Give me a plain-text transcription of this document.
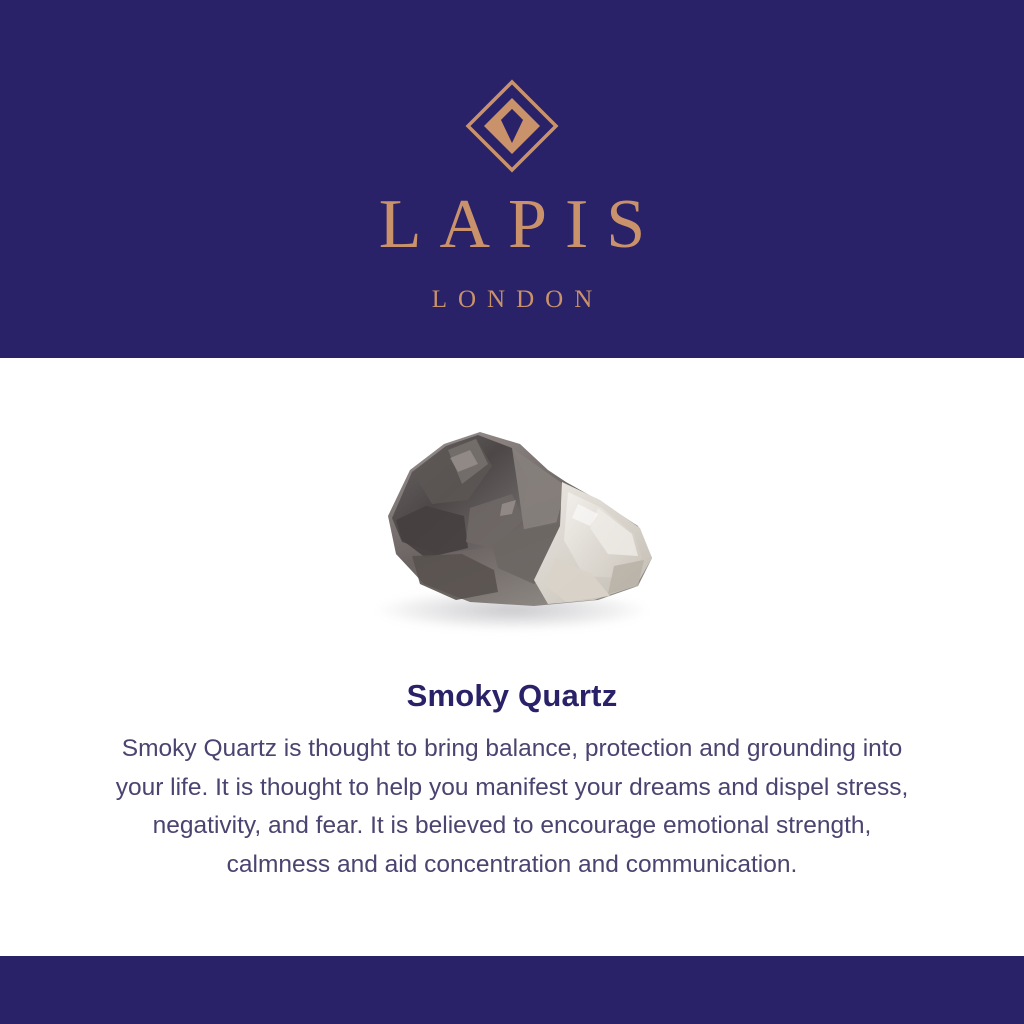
LAPIS
LONDON
Smoky Quartz

Smoky Quartz is thought to bring balance, protection and grounding into your life. It is thought to help you manifest your dreams and dispel stress, negativity, and fear. It is believed to encourage emotional strength, calmness and aid concentration and communication.
